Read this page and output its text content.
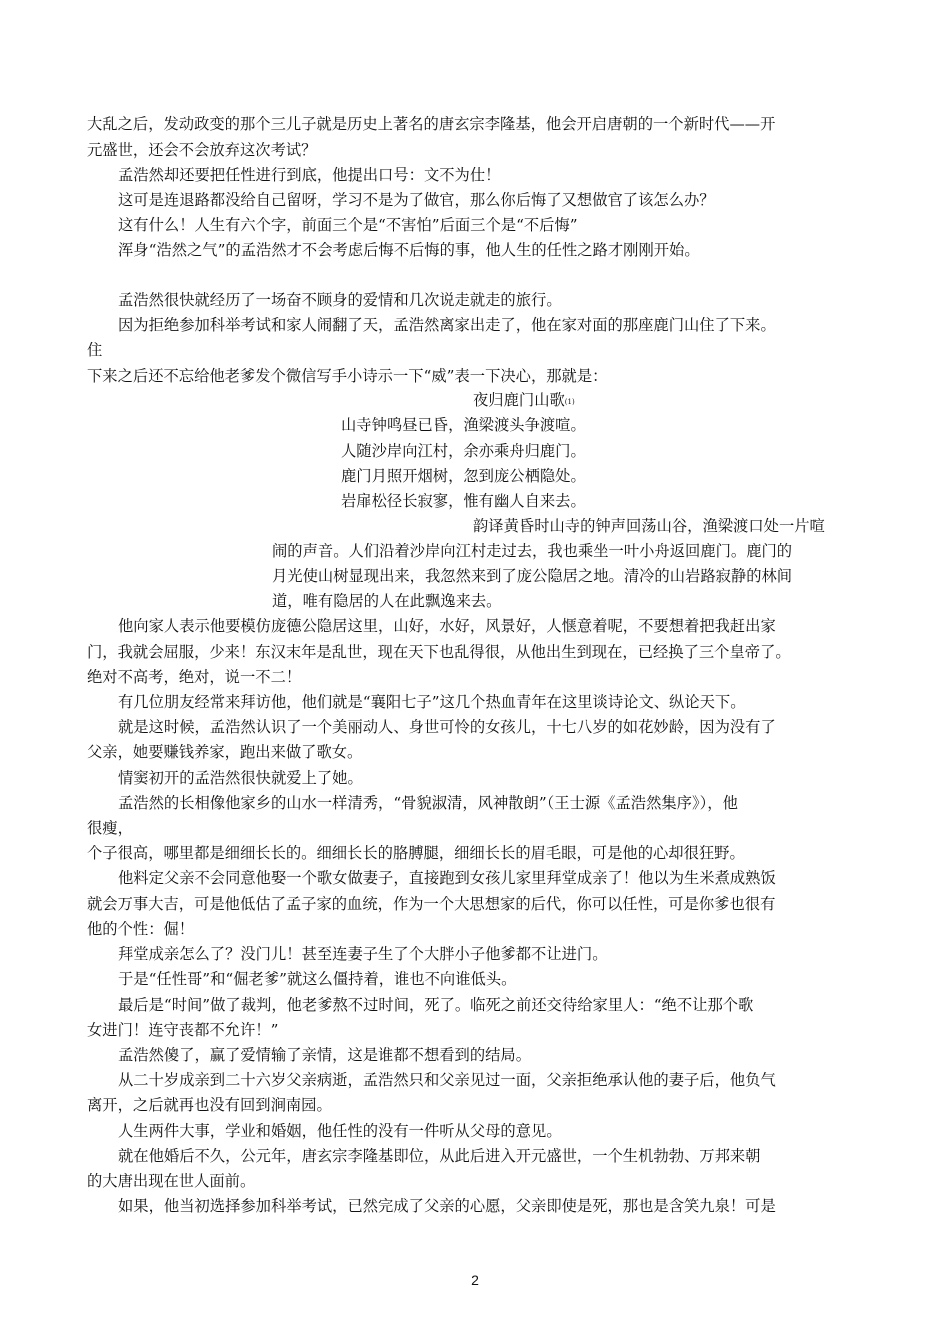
大乱之后，发动政变的那个三儿子就是历史上著名的唐玄宗李隆基，他会开启唐朝的一个新时代——开
元盛世，还会不会放弃这次考试？
孟浩然却还要把任性进行到底，他提出口号：文不为仕！
这可是连退路都没给自己留呀，学习不是为了做官，那么你后悔了又想做官了该怎么办？
这有什么！人生有六个字，前面三个是“不害怕”后面三个是“不后悔”
浑身“浩然之气”的孟浩然才不会考虑后悔不后悔的事，他人生的任性之路才刚刚开始。
孟浩然很快就经历了一场奋不顾身的爱情和几次说走就走的旅行。
因为拒绝参加科举考试和家人闹翻了天，孟浩然离家出走了，他在家对面的那座鹿门山住了下来。
住
下来之后还不忘给他老爹发个微信写手小诗示一下“威”表一下决心，那就是：
夜归鹿门山歌$^{(1)}$
山寺钟鸣昼已昏，渔梁渡头争渡喧。
人随沙岸向江村，余亦乘舟归鹿门。
鹿门月照开烟树，忽到庞公栖隐处。
岩扉松径长寂寥，惟有幽人自来去。
韵译黄昏时山寺的钟声回荡山谷，渔梁渡口处一片喧
闹的声音。人们沿着沙岸向江村走过去，我也乘坐一叶小舟返回鹿门。鹿门的
月光使山树显现出来，我忽然来到了庞公隐居之地。清冷的山岩路寂静的林间
道，唯有隐居的人在此飘逸来去。
他向家人表示他要模仿庞德公隐居这里，山好，水好，风景好，人惬意着呢，不要想着把我赶出家
门，我就会屈服，少来！东汉末年是乱世，现在天下也乱得很，从他出生到现在，已经换了三个皇帝了。
绝对不高考，绝对，说一不二！
有几位朋友经常来拜访他，他们就是“襄阳七子”这几个热血青年在这里谈诗论文、纵论天下。
就是这时候，孟浩然认识了一个美丽动人、身世可怜的女孩儿，十七八岁的如花妙龄，因为没有了
父亲，她要赚钱养家，跑出来做了歌女。
情窦初开的孟浩然很快就爱上了她。
孟浩然的长相像他家乡的山水一样清秀，“骨貌淑清，风神散朗”（王士源《孟浩然集序》），他
很瘦，
个子很高，哪里都是细细长长的。细细长长的胳膊腿，细细长长的眉毛眼，可是他的心却很狂野。
他料定父亲不会同意他娶一个歌女做妻子，直接跑到女孩儿家里拜堂成亲了！他以为生米煮成熟饭
就会万事大吉，可是他低估了孟子家的血统，作为一个大思想家的后代，你可以任性，可是你爹也很有
他的个性：倔！
拜堂成亲怎么了？没门儿！甚至连妻子生了个大胖小子他爹都不让进门。
于是“任性哥”和“倔老爹”就这么僵持着，谁也不向谁低头。
最后是“时间”做了裁判，他老爹熬不过时间，死了。临死之前还交待给家里人：“绝不让那个歌
女进门！连守丧都不允许！”
孟浩然傻了，赢了爱情输了亲情，这是谁都不想看到的结局。
从二十岁成亲到二十六岁父亲病逝，孟浩然只和父亲见过一面，父亲拒绝承认他的妻子后，他负气
离开，之后就再也没有回到涧南园。
人生两件大事，学业和婚姻，他任性的没有一件听从父母的意见。
就在他婚后不久，公元年，唐玄宗李隆基即位，从此后进入开元盛世，一个生机勃勃、万邦来朝
的大唐出现在世人面前。
如果，他当初选择参加科举考试，已然完成了父亲的心愿，父亲即使是死，那也是含笑九泉！可是
2
